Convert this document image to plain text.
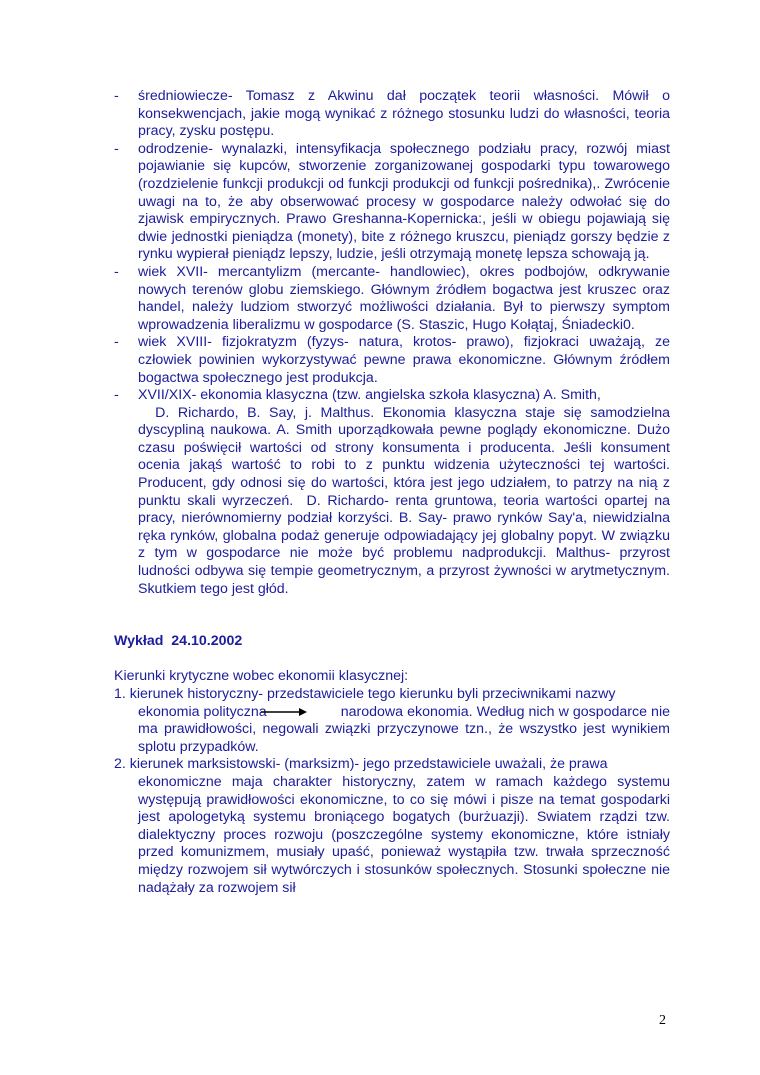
- średniowiecze- Tomasz z Akwinu dał początek teorii własności. Mówił o konsekwencjach, jakie mogą wynikać z różnego stosunku ludzi do własności, teoria pracy, zysku postępu.
- odrodzenie- wynalazki, intensyfikacja społecznego podziału pracy, rozwój miast pojawianie się kupców, stworzenie zorganizowanej gospodarki typu towarowego (rozdzielenie funkcji produkcji od funkcji produkcji od funkcji pośrednika),. Zwrócenie uwagi na to, że aby obserwować procesy w gospodarce należy odwołać się do zjawisk empirycznych. Prawo Greshanna-Kopernicka:, jeśli w obiegu pojawiają się dwie jednostki pieniądza (monety), bite z różnego kruszcu, pieniądz gorszy będzie z rynku wypierał pieniądz lepszy, ludzie, jeśli otrzymają monetę lepsza schowają ją.
- wiek XVII- mercantylizm (mercante- handlowiec), okres podbojów, odkrywanie nowych terenów globu ziemskiego. Głównym źródłem bogactwa jest kruszec oraz handel, należy ludziom stworzyć możliwości działania. Był to pierwszy symptom wprowadzenia liberalizmu w gospodarce (S. Staszic, Hugo Kołątaj, Śniadecki0.
- wiek XVIII- fizjokratyzm (fyzys- natura, krotos- prawo), fizjokraci uważają, ze człowiek powinien wykorzystywać pewne prawa ekonomiczne. Głównym źródłem bogactwa społecznego jest produkcja.
- XVII/XIX- ekonomia klasyczna (tzw. angielska szkoła klasyczna) A. Smith,
D. Richardo, B. Say, j. Malthus. Ekonomia klasyczna staje się samodzielna dyscypliną naukowa. A. Smith uporządkowała pewne poglądy ekonomiczne. Dużo czasu poświęcił wartości od strony konsumenta i producenta. Jeśli konsument ocenia jakąś wartość to robi to z punktu widzenia użyteczności tej wartości. Producent, gdy odnosi się do wartości, która jest jego udziałem, to patrzy na nią z punktu skali wyrzeczeń.  D. Richardo- renta gruntowa, teoria wartości opartej na pracy, nierównomierny podział korzyści. B. Say- prawo rynków Say'a, niewidzialna ręka rynków, globalna podaż generuje odpowiadający jej globalny popyt. W związku z tym w gospodarce nie może być problemu nadprodukcji. Malthus- przyrost ludności odbywa się tempie geometrycznym, a przyrost żywności w arytmetycznym. Skutkiem tego jest głód.
Wykład  24.10.2002
Kierunki krytyczne wobec ekonomii klasycznej:
1. kierunek historyczny- przedstawiciele tego kierunku byli przeciwnikami nazwy
ekonomia polityczna	narodowa ekonomia. Według nich w gospodarce nie ma prawidłowości, negowali związki przyczynowe tzn., że wszystko jest wynikiem splotu przypadków.
2. kierunek marksistowski- (marksizm)- jego przedstawiciele uważali, że prawa
ekonomiczne maja charakter historyczny, zatem w ramach każdego systemu występują prawidłowości ekonomiczne, to co się mówi i pisze na temat gospodarki jest apologetyką systemu broniącego bogatych (burżuazji). Swiatem rządzi tzw. dialektyczny proces rozwoju (poszczególne systemy ekonomiczne, które istniały przed komunizmem, musiały upaść, ponieważ wystąpiła tzw. trwała sprzeczność między rozwojem sił wytwórczych i stosunków społecznych. Stosunki społeczne nie nadążały za rozwojem sił
2
